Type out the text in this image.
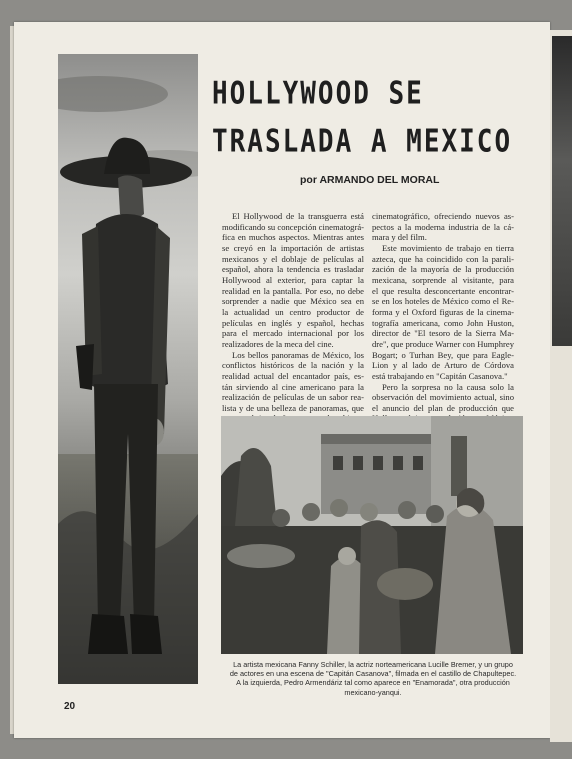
HOLLYWOOD SE
TRASLADA A MEXICO
por ARMANDO DEL MORAL
El Hollywood de la transguerra está
modificando su concepción cinematográ-
fica en muchos aspectos. Mientras antes
se creyó en la importación de artistas
mexicanos y el doblaje de películas al
español, ahora la tendencia es trasladar
Hollywood al exterior, para captar la
realidad en la pantalla. Por eso, no debe
sorprender a nadie que México sea en
la actualidad un centro productor de
películas en inglés y español, hechas
para el mercado internacional por los
realizadores de la meca del cine.
Los bellos panoramas de México, los
conflictos históricos de la nación y la
realidad actual del encantador país, es-
tán sirviendo al cine americano para la
realización de películas de un sabor rea-
lista y de una belleza de panoramas, que
cinematográfico, ofreciendo nuevos as-
pectos a la moderna industria de la cá-
mara y del film.
Este movimiento de trabajo en tierra
azteca, que ha coincidido con la parali-
zación de la mayoría de la producción
mexicana, sorprende al visitante, para
el que resulta desconcertante encontrar-
se en los hoteles de México como el Re-
forma y el Oxford figuras de la cinema-
tografía americana, como John Huston,
director de "El tesoro de la Sierra Ma-
dre", que produce Warner con Humphrey
Bogart; o Turhan Bey, que para Eagle-
Lion y al lado de Arturo de Córdova
está trabajando en "Capitán Casanova."
Pero la sorpresa no la causa solo la
observación del movimiento actual, sino
el anuncio del plan de producción que
La artista mexicana Fanny Schiller, la actriz norteamericana Lucille Bremer, y un grupo
de actores en una escena de "Capitán Casanova", filmada en el castillo de Chapultepec.
A la izquierda, Pedro Armendáriz tal como aparece en "Enamorada", otra producción
mexicano-yanqui.
20
